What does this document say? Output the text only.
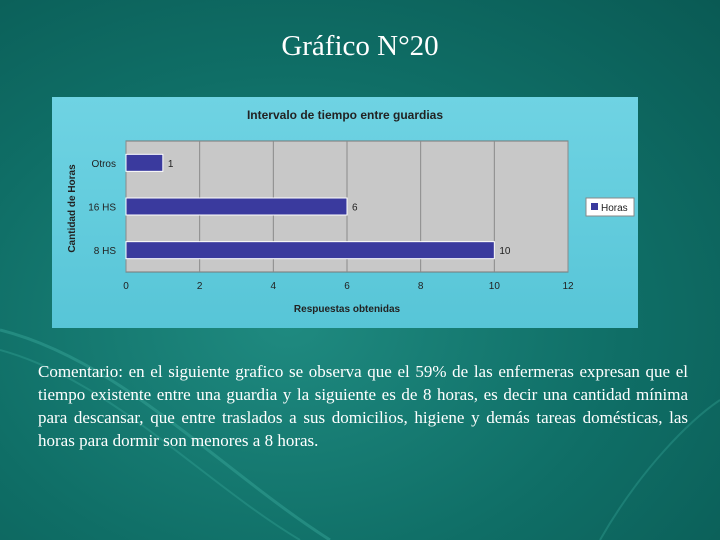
Gráfico N°20
Intervalo de tiempo entre guardias
0	2	4	6	8	10	12
Otros	1
16 HS	6
8 HS	10
Respuestas obtenidas
Cantidad de Horas	Horas
Comentario: en el siguiente grafico se observa que el 59% de las enfermeras expresan que el tiempo existente entre una guardia y la siguiente es de 8 horas, es decir una cantidad mínima para descansar, que entre traslados a sus domicilios, higiene y demás tareas domésticas, las horas para dormir son menores a 8 horas.
